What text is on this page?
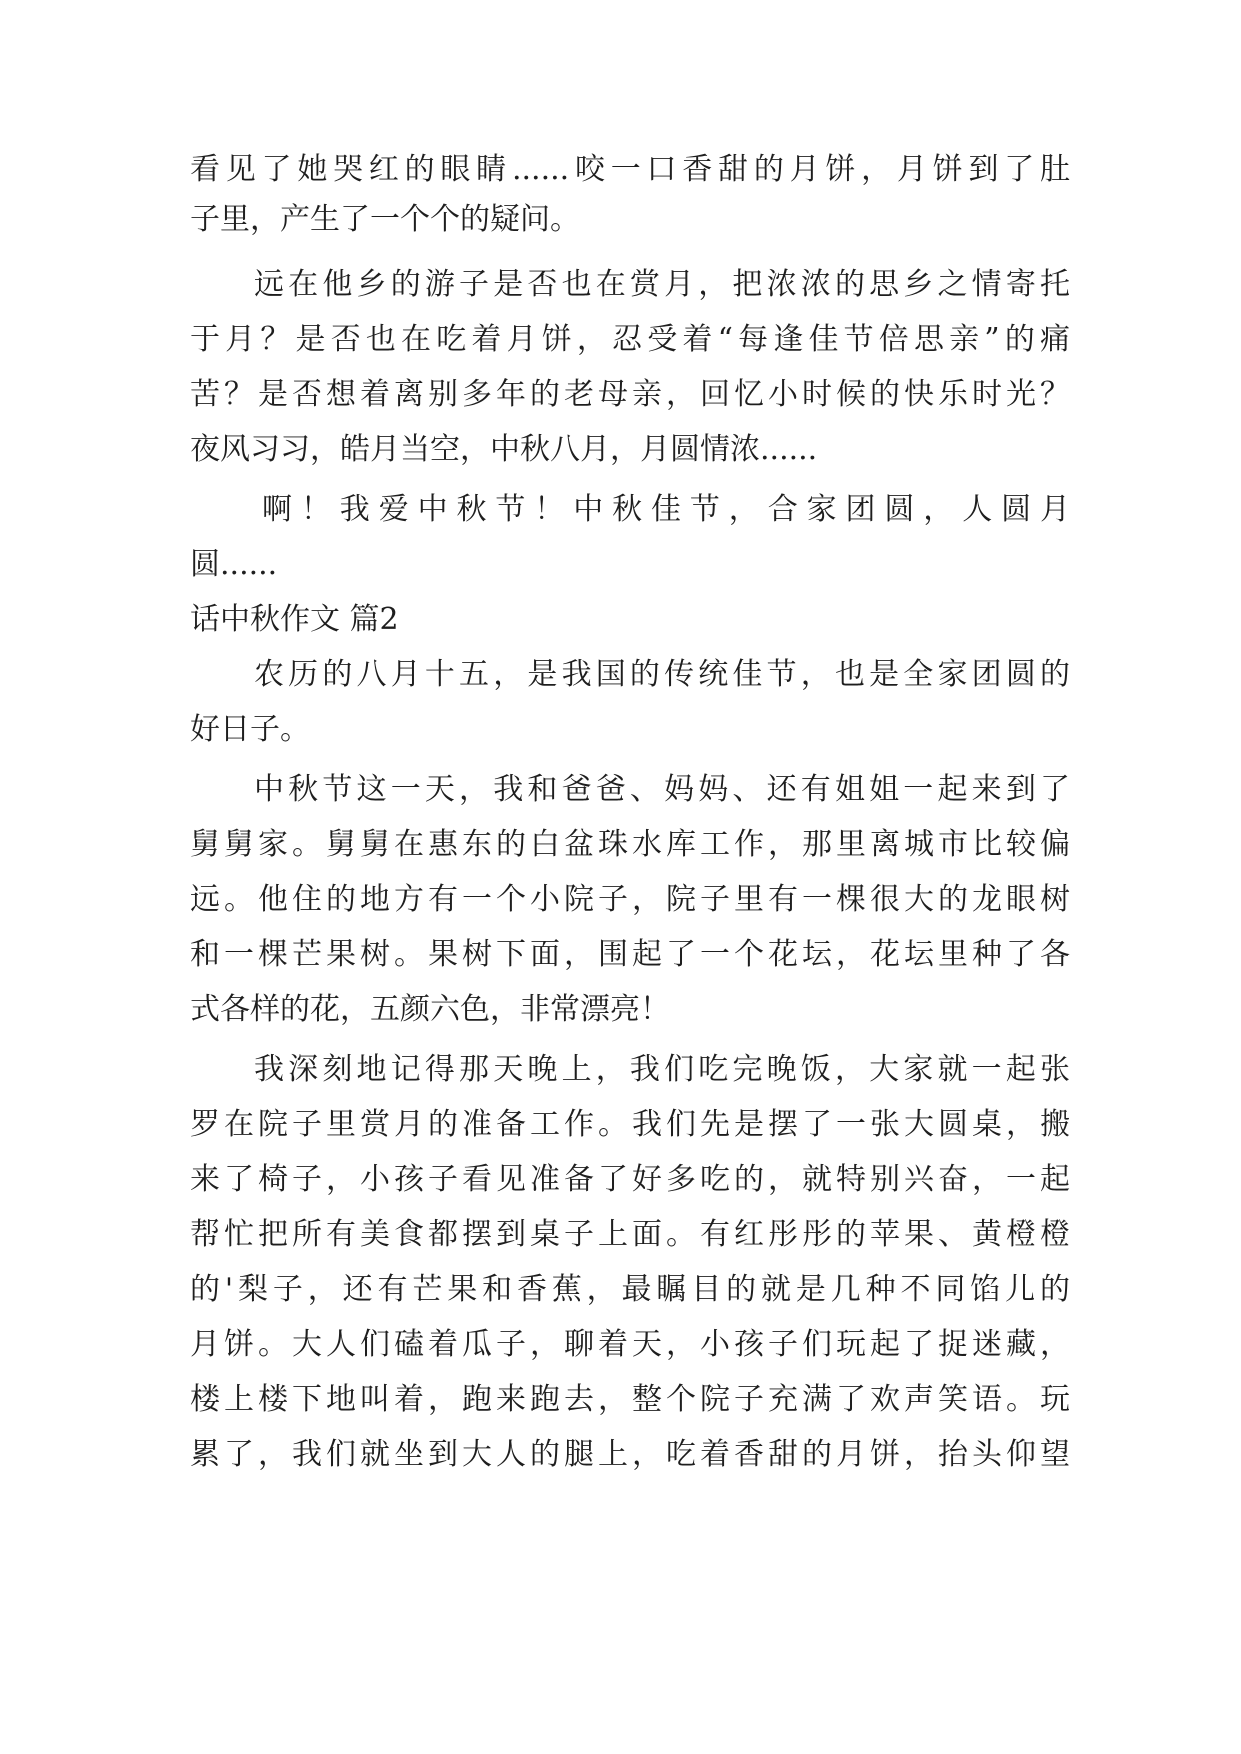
看见了她哭红的眼睛......咬一口香甜的月饼，月饼到了肚
子里，产生了一个个的疑问。
远在他乡的游子是否也在赏月，把浓浓的思乡之情寄托
于月？是否也在吃着月饼，忍受着“每逢佳节倍思亲”的痛
苦？是否想着离别多年的老母亲，回忆小时候的快乐时光？
夜风习习，皓月当空，中秋八月，月圆情浓......
啊！我爱中秋节！中秋佳节，合家团圆，人圆月
圆......
话中秋作文 篇2
农历的八月十五，是我国的传统佳节，也是全家团圆的
好日子。
中秋节这一天，我和爸爸、妈妈、还有姐姐一起来到了
舅舅家。舅舅在惠东的白盆珠水库工作，那里离城市比较偏
远。他住的地方有一个小院子，院子里有一棵很大的龙眼树
和一棵芒果树。果树下面，围起了一个花坛，花坛里种了各
式各样的花，五颜六色，非常漂亮！
我深刻地记得那天晚上，我们吃完晚饭，大家就一起张
罗在院子里赏月的准备工作。我们先是摆了一张大圆桌，搬
来了椅子，小孩子看见准备了好多吃的，就特别兴奋，一起
帮忙把所有美食都摆到桌子上面。有红彤彤的苹果、黄橙橙
的'梨子，还有芒果和香蕉，最瞩目的就是几种不同馅儿的
月饼。大人们磕着瓜子，聊着天，小孩子们玩起了捉迷藏，
楼上楼下地叫着，跑来跑去，整个院子充满了欢声笑语。玩
累了，我们就坐到大人的腿上，吃着香甜的月饼，抬头仰望
